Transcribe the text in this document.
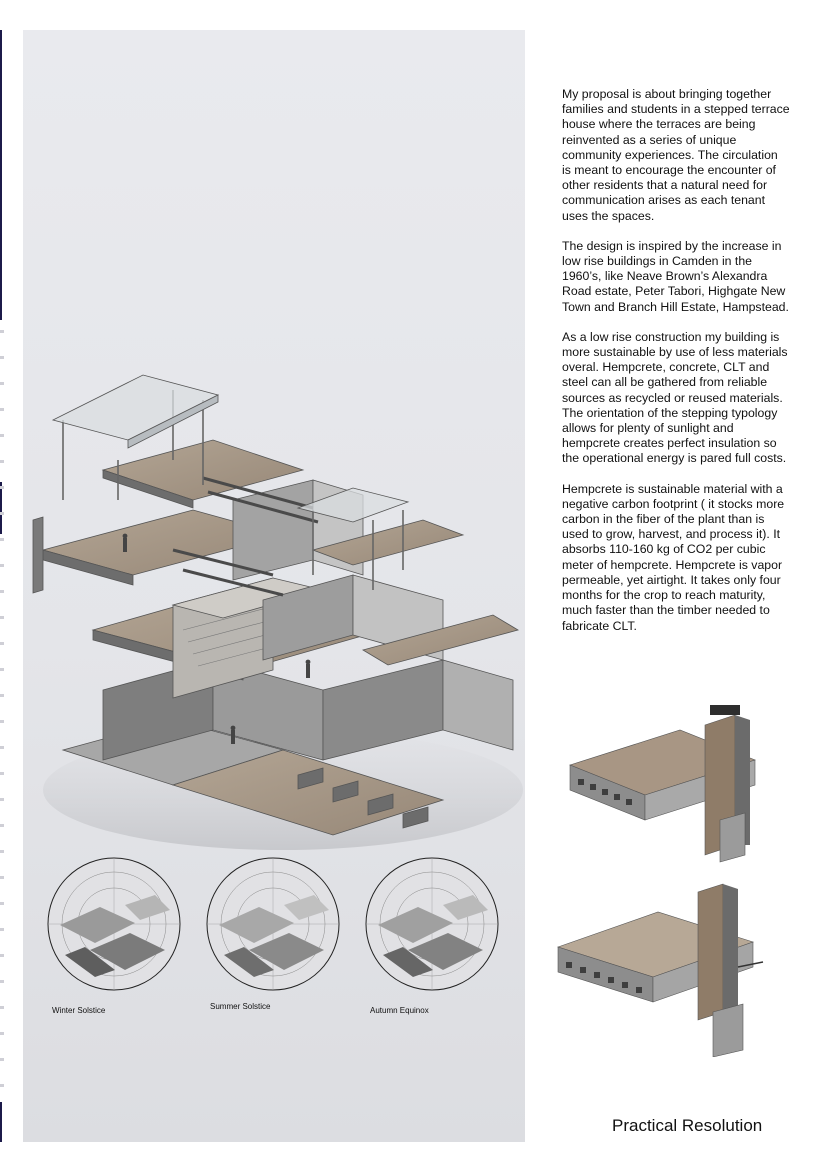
Winter Solstice	Summer Solstice	Autumn Equinox

My proposal is about bringing together families and students in a stepped terrace house where the terraces are being reinvented as a series of unique community experiences. The circulation is meant to encourage the encounter of other residents that a natural need for communication arises as each tenant uses the spaces.

The design is inspired by the increase in low rise buildings in Camden in the 1960’s, like Neave Brown’s Alexandra Road estate, Peter Tabori, Highgate New Town and Branch Hill Estate, Hampstead.

As a low rise construction my building is more sustainable by use of less materials overal. Hempcrete, concrete, CLT and steel can all be gathered from reliable sources as recycled or reused materials. The orientation of the stepping typology allows for plenty of sunlight and hempcrete creates perfect insulation so the operational energy is pared full costs.

Hempcrete is sustainable material with a negative carbon footprint ( it stocks more carbon in the fiber of the plant than is used to grow, harvest, and process it). It absorbs 110-160 kg of CO2 per cubic meter of hempcrete. Hempcrete is vapor permeable, yet airtight. It takes only four months for the crop to reach maturity, much faster than the timber needed to fabricate CLT.

Practical Resolution
